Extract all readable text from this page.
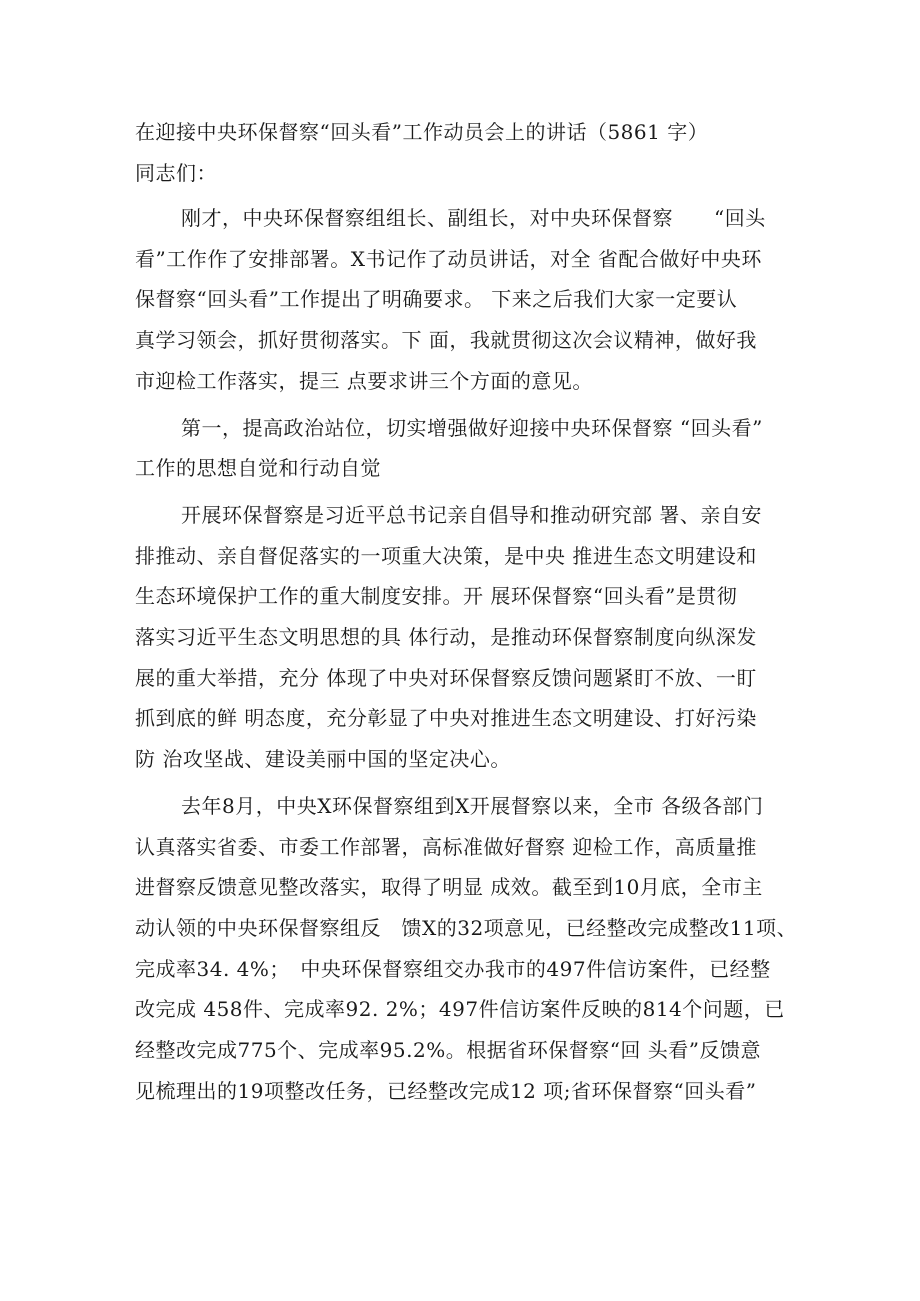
在迎接中央环保督察“回头看”工作动员会上的讲话（5861 字）

同志们：

刚才，中央环保督察组组长、副组长，对中央环保督察　　“回头
看”工作作了安排部署。X书记作了动员讲话，对全 省配合做好中央环
保督察“回头看”工作提出了明确要求。 下来之后我们大家一定要认
真学习领会，抓好贯彻落实。下 面，我就贯彻这次会议精神，做好我
市迎检工作落实，提三 点要求讲三个方面的意见。

第一，提高政治站位，切实增强做好迎接中央环保督察 “回头看”
工作的思想自觉和行动自觉

开展环保督察是习近平总书记亲自倡导和推动研究部 署、亲自安
排推动、亲自督促落实的一项重大决策，是中央 推进生态文明建设和
生态环境保护工作的重大制度安排。开 展环保督察“回头看”是贯彻
落实习近平生态文明思想的具 体行动，是推动环保督察制度向纵深发
展的重大举措，充分 体现了中央对环保督察反馈问题紧盯不放、一盯
抓到底的鲜 明态度，充分彰显了中央对推进生态文明建设、打好污染
防 治攻坚战、建设美丽中国的坚定决心。

去年8月，中央X环保督察组到X开展督察以来，全市 各级各部门
认真落实省委、市委工作部署，高标准做好督察 迎检工作，高质量推
进督察反馈意见整改落实，取得了明显 成效。截至到10月底，全市主
动认领的中央环保督察组反　馈X的32项意见，已经整改完成整改11项、
完成率34. 4%；　中央环保督察组交办我市的497件信访案件，已经整
改完成 458件、完成率92. 2%；497件信访案件反映的814个问题，已
经整改完成775个、完成率95.2%。根据省环保督察“回 头看”反馈意
见梳理出的19项整改任务，已经整改完成12 项;省环保督察“回头看”
